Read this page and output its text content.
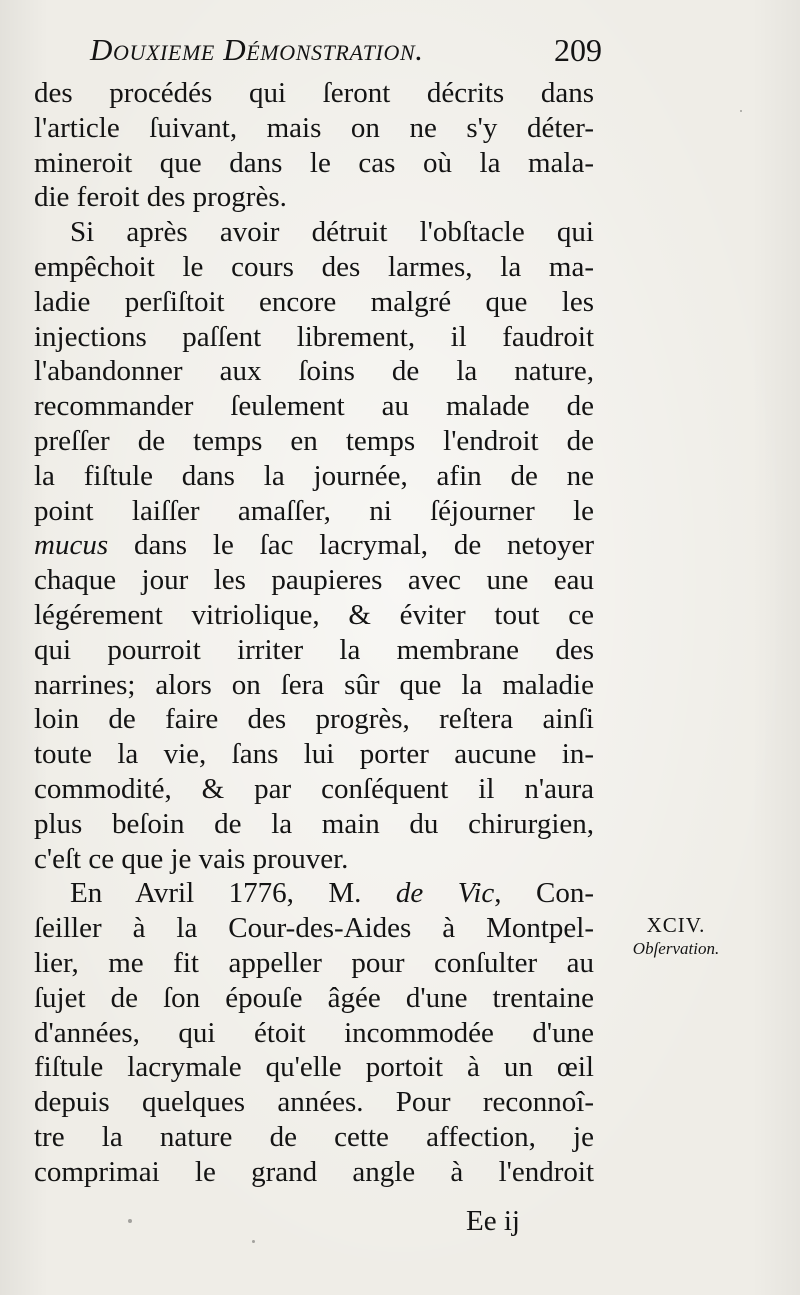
Douxieme Démonstration.	209
des procédés qui ſeront décrits dans
l'article ſuivant, mais on ne s'y déter-
mineroit que dans le cas où la mala-
die feroit des progrès.
Si après avoir détruit l'obſtacle qui
empêchoit le cours des larmes, la ma-
ladie perſiſtoit encore malgré que les
injections paſſent librement, il faudroit
l'abandonner aux ſoins de la nature,
recommander ſeulement au malade de
preſſer de temps en temps l'endroit de
la fiſtule dans la journée, afin de ne
point laiſſer amaſſer, ni ſéjourner le
mucus dans le ſac lacrymal, de netoyer
chaque jour les paupieres avec une eau
légérement vitriolique, & éviter tout ce
qui pourroit irriter la membrane des
narrines; alors on ſera sûr que la maladie
loin de faire des progrès, reſtera ainſi
toute la vie, ſans lui porter aucune in-
commodité, & par conſéquent il n'aura
plus beſoin de la main du chirurgien,
c'eſt ce que je vais prouver.
En Avril 1776, M. de Vic, Con-
ſeiller à la Cour-des-Aides à Montpel-
lier, me fit appeller pour conſulter au
ſujet de ſon épouſe âgée d'une trentaine
d'années, qui étoit incommodée d'une
fiſtule lacrymale qu'elle portoit à un œil
depuis quelques années. Pour reconnoî-
tre la nature de cette affection, je
comprimai le grand angle à l'endroit
XCIV.
Obſervation.
Ee ij
